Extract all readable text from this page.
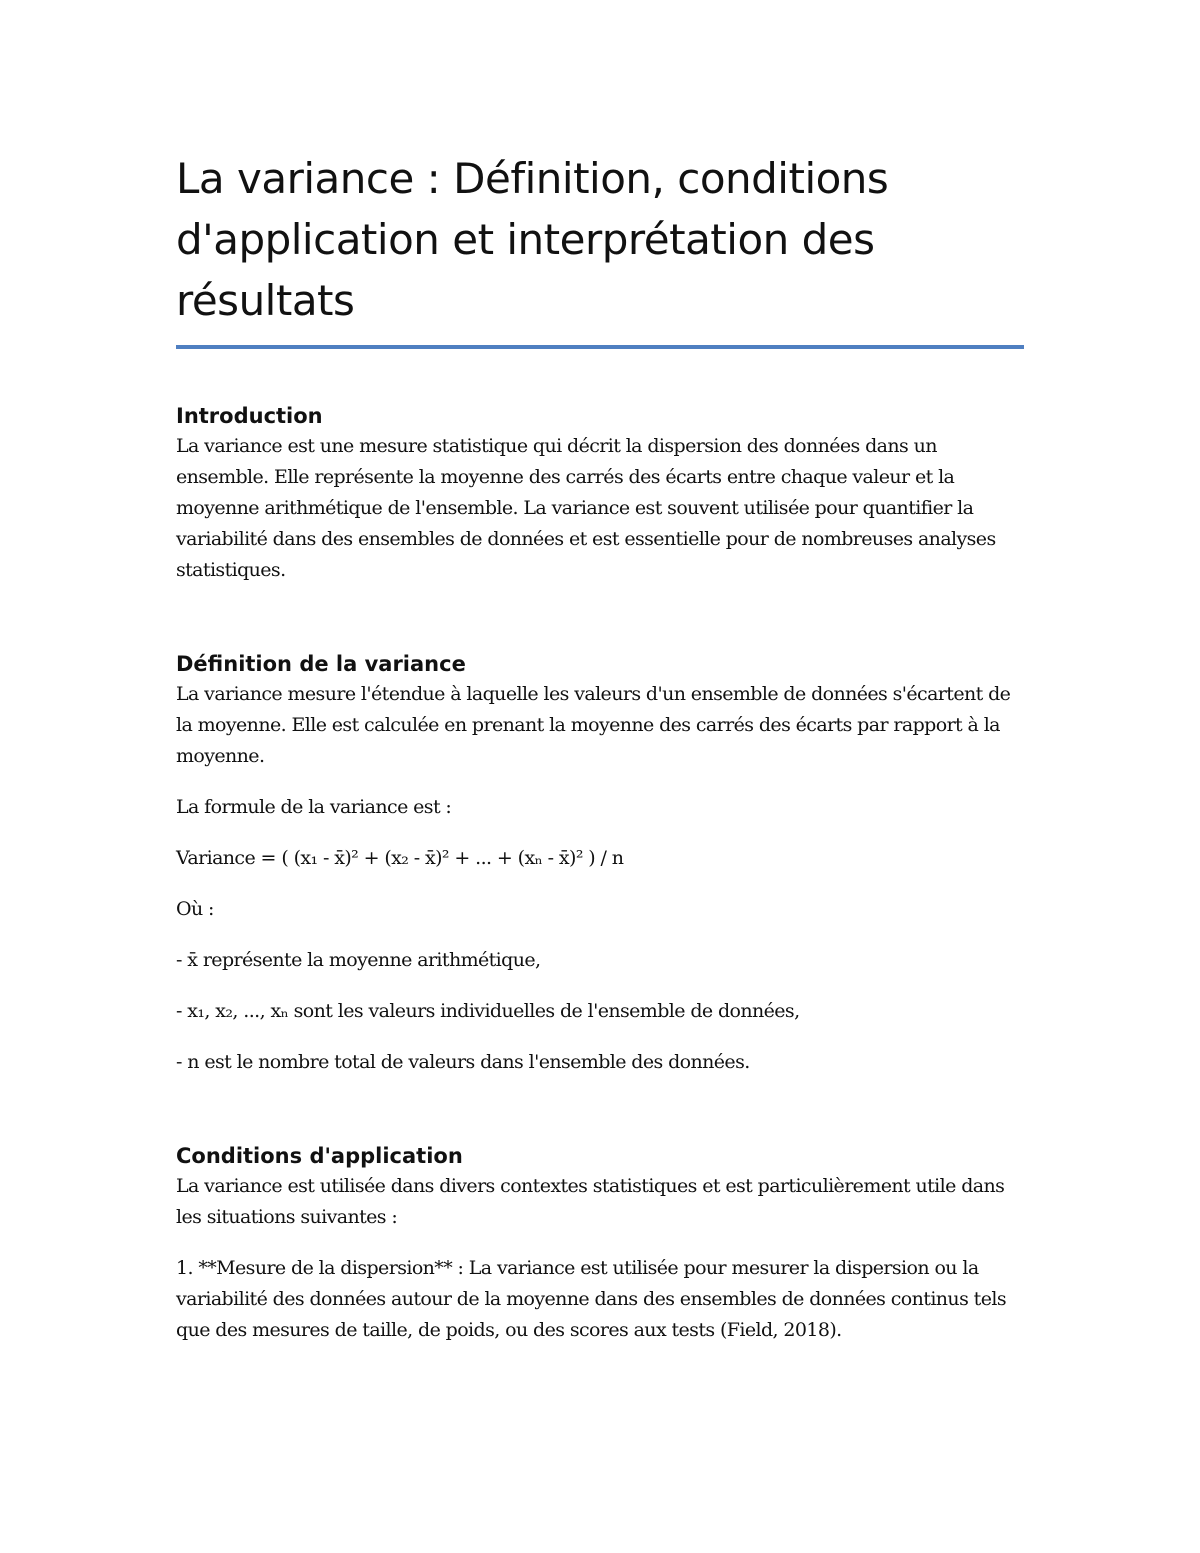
La variance : Définition, conditions d'application et interprétation des résultats
Introduction

La variance est une mesure statistique qui décrit la dispersion des données dans un ensemble. Elle représente la moyenne des carrés des écarts entre chaque valeur et la moyenne arithmétique de l'ensemble. La variance est souvent utilisée pour quantifier la variabilité dans des ensembles de données et est essentielle pour de nombreuses analyses statistiques.

Définition de la variance

La variance mesure l'étendue à laquelle les valeurs d'un ensemble de données s'écartent de la moyenne. Elle est calculée en prenant la moyenne des carrés des écarts par rapport à la moyenne.

La formule de la variance est :

Variance = ( (x₁ - x̄)² + (x₂ - x̄)² + ... + (xₙ - x̄)² ) / n

Où :

- x̄ représente la moyenne arithmétique,

- x₁, x₂, ..., xₙ sont les valeurs individuelles de l'ensemble de données,

- n est le nombre total de valeurs dans l'ensemble des données.

Conditions d'application

La variance est utilisée dans divers contextes statistiques et est particulièrement utile dans les situations suivantes :

1. **Mesure de la dispersion** : La variance est utilisée pour mesurer la dispersion ou la variabilité des données autour de la moyenne dans des ensembles de données continus tels que des mesures de taille, de poids, ou des scores aux tests (Field, 2018).
